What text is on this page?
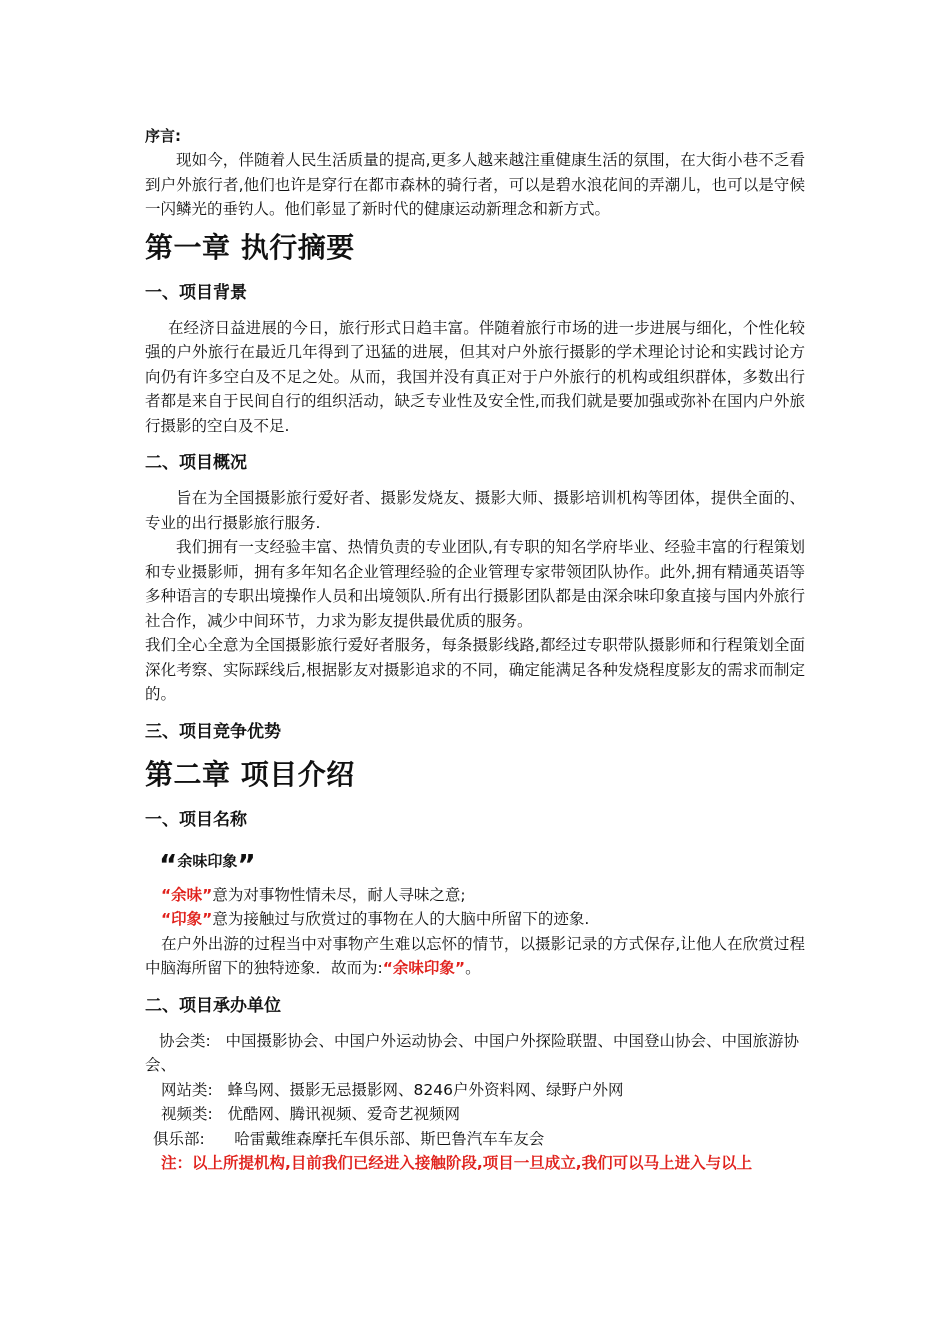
序言:

现如今，伴随着人民生活质量的提高,更多人越来越注重健康生活的氛围，在大街小巷不乏看到户外旅行者,他们也许是穿行在都市森林的骑行者，可以是碧水浪花间的弄潮儿，也可以是守候一闪鳞光的垂钓人。他们彰显了新时代的健康运动新理念和新方式。

第一章 执行摘要
一、项目背景

在经济日益进展的今日，旅行形式日趋丰富。伴随着旅行市场的进一步进展与细化，个性化较强的户外旅行在最近几年得到了迅猛的进展，但其对户外旅行摄影的学术理论讨论和实践讨论方向仍有许多空白及不足之处。从而，我国并没有真正对于户外旅行的机构或组织群体，多数出行者都是来自于民间自行的组织活动，缺乏专业性及安全性,而我们就是要加强或弥补在国内户外旅行摄影的空白及不足.

二、项目概况

旨在为全国摄影旅行爱好者、摄影发烧友、摄影大师、摄影培训机构等团体，提供全面的、专业的出行摄影旅行服务.

我们拥有一支经验丰富、热情负责的专业团队,有专职的知名学府毕业、经验丰富的行程策划和专业摄影师，拥有多年知名企业管理经验的企业管理专家带领团队协作。此外,拥有精通英语等多种语言的专职出境操作人员和出境领队.所有出行摄影团队都是由深余味印象直接与国内外旅行社合作，减少中间环节，力求为影友提供最优质的服务。

我们全心全意为全国摄影旅行爱好者服务，每条摄影线路,都经过专职带队摄影师和行程策划全面深化考察、实际踩线后,根据影友对摄影追求的不同，确定能满足各种发烧程度影友的需求而制定的。

三、项目竞争优势
第二章 项目介绍
一、项目名称
“余味印象”

“余味”意为对事物性情未尽，耐人寻味之意;

“印象”意为接触过与欣赏过的事物在人的大脑中所留下的迹象.

在户外出游的过程当中对事物产生难以忘怀的情节，以摄影记录的方式保存,让他人在欣赏过程中脑海所留下的独特迹象．故而为:“余味印象”。

二、项目承办单位
协会类: 中国摄影协会、中国户外运动协会、中国户外探险联盟、中国登山协会、中国旅游协会、
网站类: 蜂鸟网、摄影无忌摄影网、8246户外资料网、绿野户外网
视频类: 优酷网、腾讯视频、爱奇艺视频网
俱乐部: 哈雷戴维森摩托车俱乐部、斯巴鲁汽车车友会
注：以上所提机构,目前我们已经进入接触阶段,项目一旦成立,我们可以马上进入与以上
